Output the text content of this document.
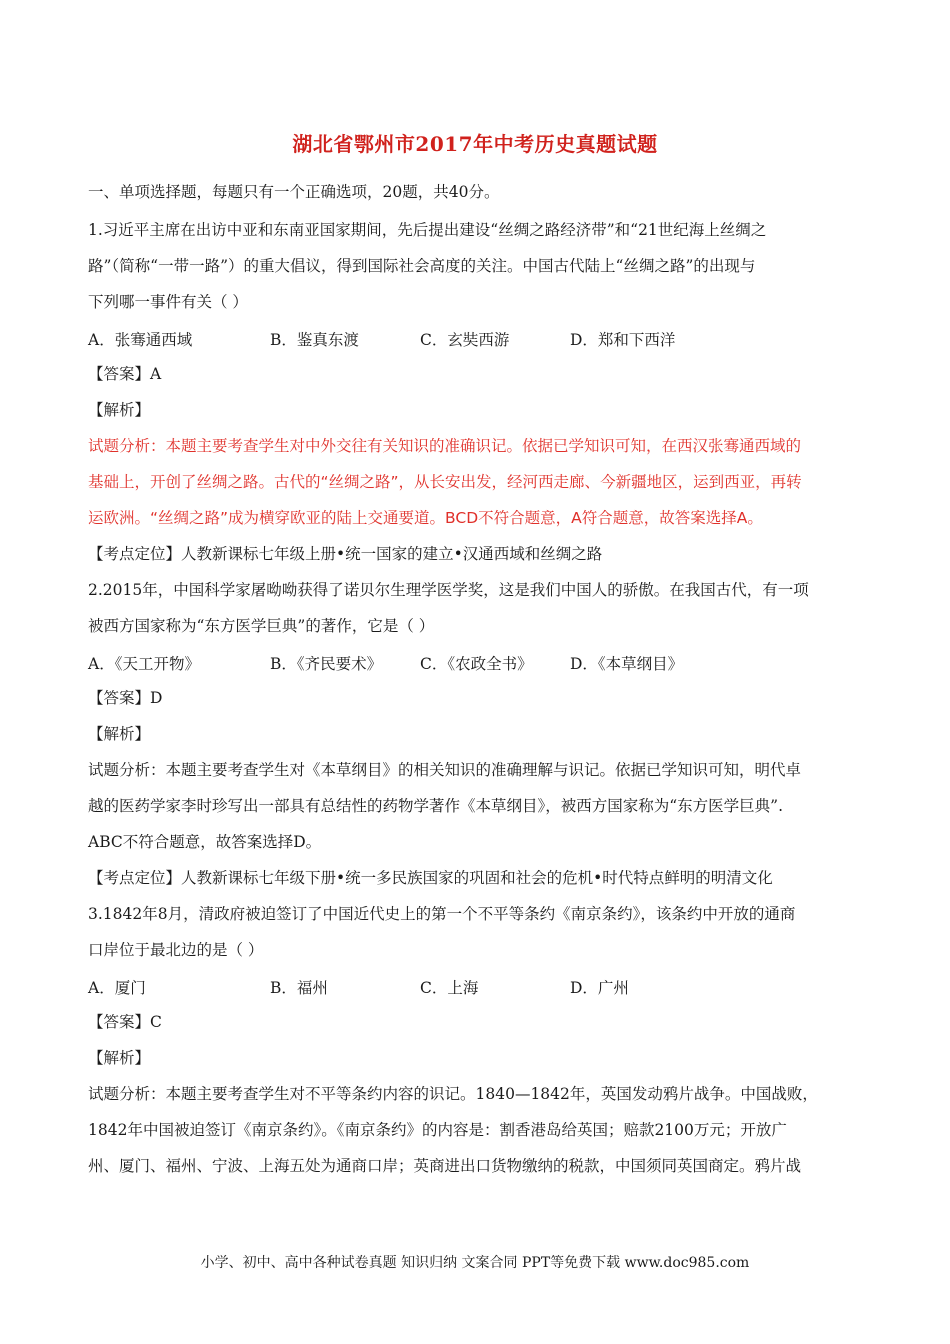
湖北省鄂州市2017年中考历史真题试题
一、单项选择题，每题只有一个正确选项，20题，共40分。
1.习近平主席在出访中亚和东南亚国家期间，先后提出建设“丝绸之路经济带”和“21世纪海上丝绸之
路”（简称“一带一路”）的重大倡议，得到国际社会高度的关注。中国古代陆上“丝绸之路”的出现与
下列哪一事件有关（ ）
A．张骞通西域	B．鉴真东渡	C．玄奘西游	D．郑和下西洋
【答案】A
【解析】
试题分析：本题主要考查学生对中外交往有关知识的准确识记。依据已学知识可知，在西汉张骞通西域的
基础上，开创了丝绸之路。古代的“丝绸之路”，从长安出发，经河西走廊、今新疆地区，运到西亚，再转
运欧洲。“丝绸之路”成为横穿欧亚的陆上交通要道。BCD不符合题意，A符合题意，故答案选择A。
【考点定位】人教新课标七年级上册•统一国家的建立•汉通西域和丝绸之路
2.2015年，中国科学家屠呦呦获得了诺贝尔生理学医学奖，这是我们中国人的骄傲。在我国古代，有一项
被西方国家称为“东方医学巨典”的著作，它是（ ）
A．《天工开物》	B．《齐民要术》 C．《农政全书》 D．《本草纲目》
【答案】D
【解析】
试题分析：本题主要考查学生对《本草纲目》的相关知识的准确理解与识记。依据已学知识可知，明代卓
越的医药学家李时珍写出一部具有总结性的药物学著作《本草纲目》，被西方国家称为“东方医学巨典”.
ABC不符合题意，故答案选择D。
【考点定位】人教新课标七年级下册•统一多民族国家的巩固和社会的危机•时代特点鲜明的明清文化
3.1842年8月，清政府被迫签订了中国近代史上的第一个不平等条约《南京条约》，该条约中开放的通商
口岸位于最北边的是（ ）
A．厦门	B．福州	C．上海	D．广州
【答案】C
【解析】
试题分析：本题主要考查学生对不平等条约内容的识记。1840—1842年，英国发动鸦片战争。中国战败，
1842年中国被迫签订《南京条约》。《南京条约》的内容是：割香港岛给英国；赔款2100万元；开放广
州、厦门、福州、宁波、上海五处为通商口岸；英商进出口货物缴纳的税款，中国须同英国商定。鸦片战
小学、初中、高中各种试卷真题 知识归纳 文案合同 PPT等免费下载 www.doc985.com
